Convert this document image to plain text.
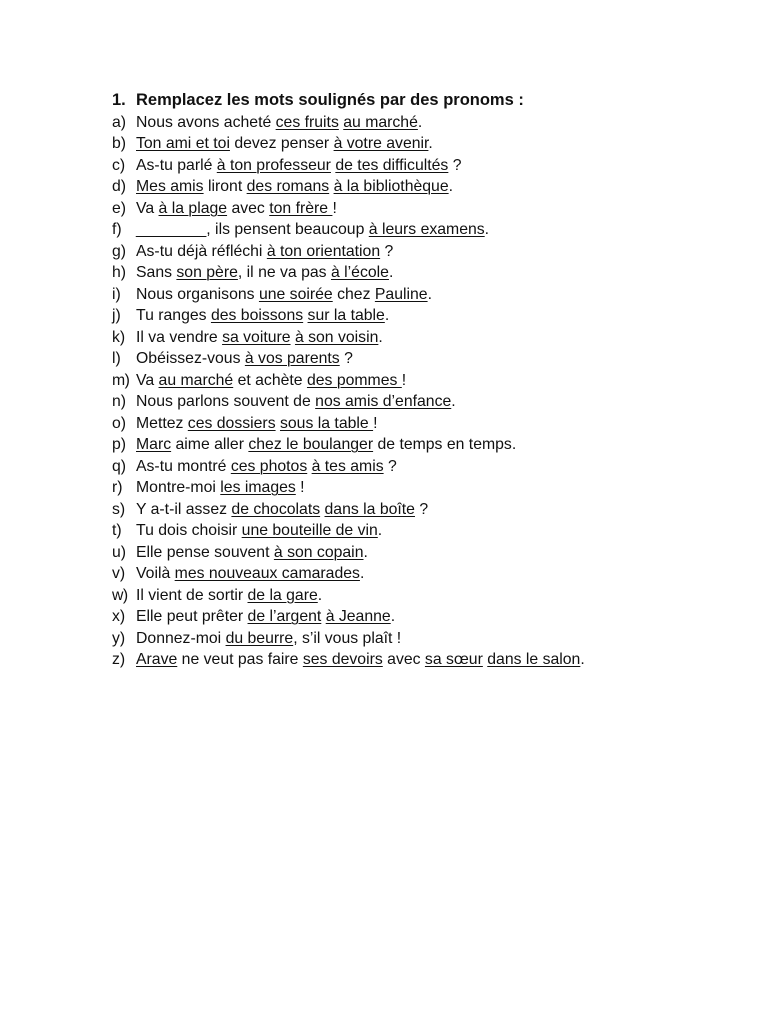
1. Remplacez les mots soulignés par des pronoms :
a) Nous avons acheté ces fruits au marché.
b) Ton ami et toi devez penser à votre avenir.
c) As-tu parlé à ton professeur de tes difficultés ?
d) Mes amis liront des romans à la bibliothèque.
e) Va à la plage avec ton frère !
f) ________, ils pensent beaucoup à leurs examens.
g) As-tu déjà réfléchi à ton orientation ?
h) Sans son père, il ne va pas à l’école.
i) Nous organisons une soirée chez Pauline.
j) Tu ranges des boissons sur la table.
k) Il va vendre sa voiture à son voisin.
l) Obéissez-vous à vos parents ?
m) Va au marché et achète des pommes !
n) Nous parlons souvent de nos amis d’enfance.
o) Mettez ces dossiers sous la table !
p) Marc aime aller chez le boulanger de temps en temps.
q) As-tu montré ces photos à tes amis ?
r) Montre-moi les images !
s) Y a-t-il assez de chocolats dans la boîte ?
t) Tu dois choisir une bouteille de vin.
u) Elle pense souvent à son copain.
v) Voilà mes nouveaux camarades.
w) Il vient de sortir de la gare.
x) Elle peut prêter de l’argent à Jeanne.
y) Donnez-moi du beurre, s’il vous plaît !
z) Arave ne veut pas faire ses devoirs avec sa sœur dans le salon.
